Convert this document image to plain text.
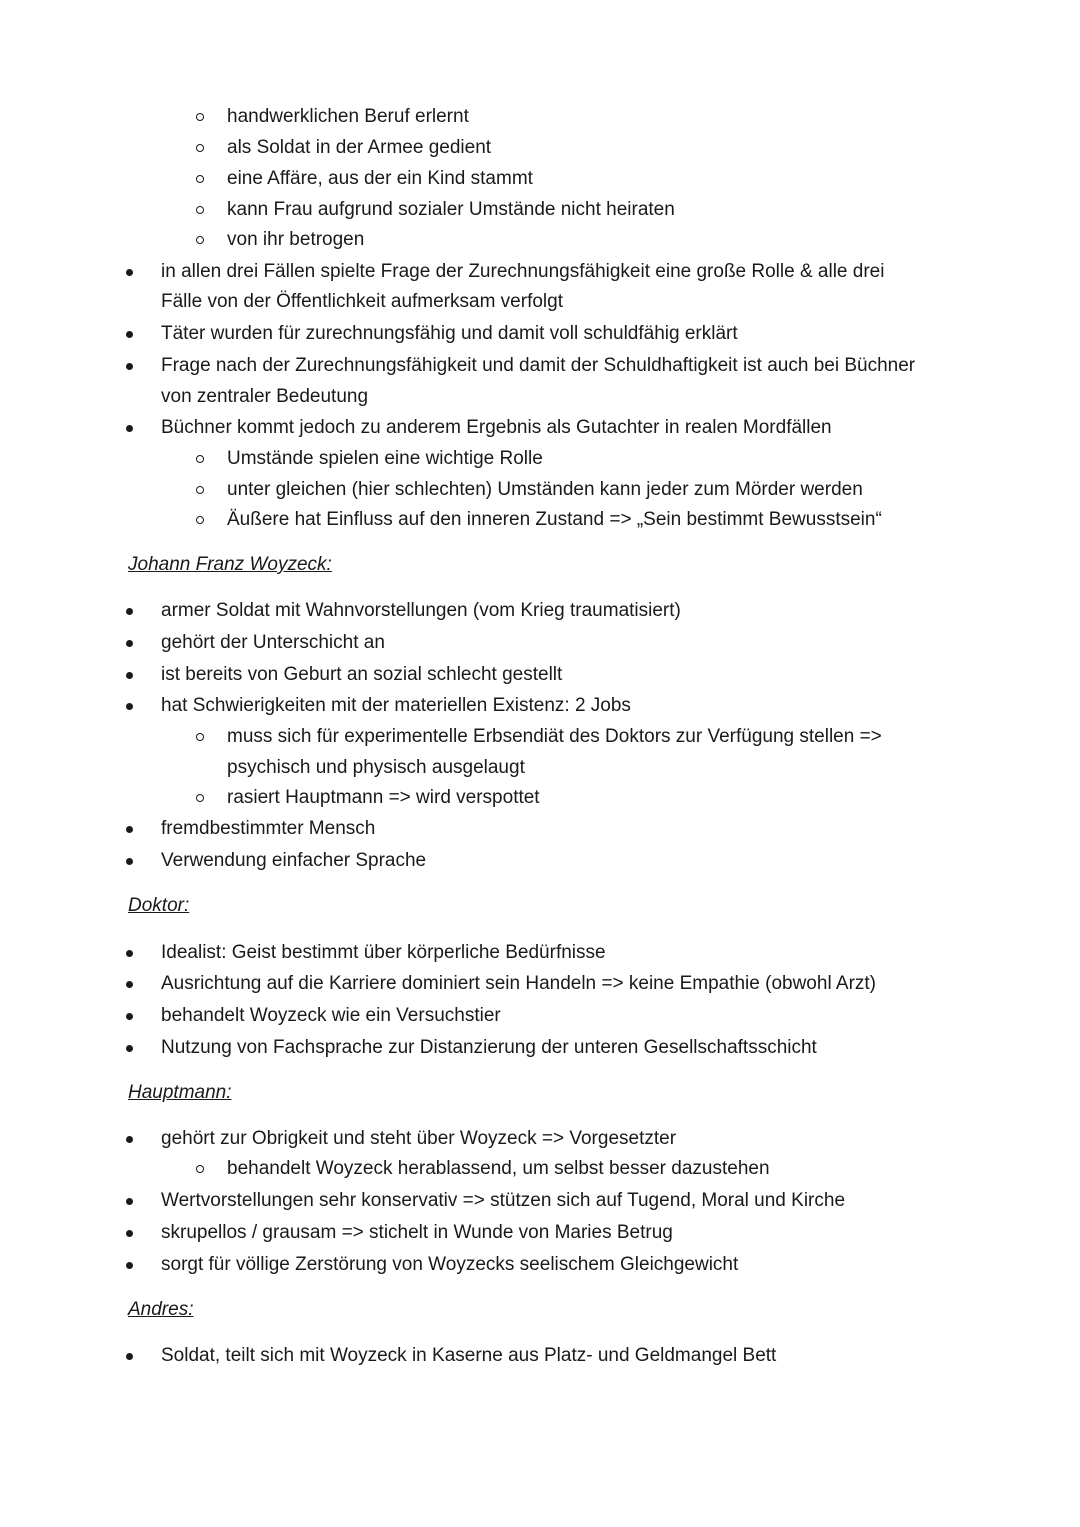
handwerklichen Beruf erlernt
als Soldat in der Armee gedient
eine Affäre, aus der ein Kind stammt
kann Frau aufgrund sozialer Umstände nicht heiraten
von ihr betrogen
in allen drei Fällen spielte Frage der Zurechnungsfähigkeit eine große Rolle & alle drei
Fälle von der Öffentlichkeit aufmerksam verfolgt
Täter wurden für zurechnungsfähig und damit voll schuldfähig erklärt
Frage nach der Zurechnungsfähigkeit und damit der Schuldhaftigkeit ist auch bei Büchner
von zentraler Bedeutung
Büchner kommt jedoch zu anderem Ergebnis als Gutachter in realen Mordfällen
Umstände spielen eine wichtige Rolle
unter gleichen (hier schlechten) Umständen kann jeder zum Mörder werden
Äußere hat Einfluss auf den inneren Zustand => „Sein bestimmt Bewusstsein“
Johann Franz Woyzeck:
armer Soldat mit Wahnvorstellungen (vom Krieg traumatisiert)
gehört der Unterschicht an
ist bereits von Geburt an sozial schlecht gestellt
hat Schwierigkeiten mit der materiellen Existenz: 2 Jobs
muss sich für experimentelle Erbsendiät des Doktors zur Verfügung stellen =>
psychisch und physisch ausgelaugt
rasiert Hauptmann => wird verspottet
fremdbestimmter Mensch
Verwendung einfacher Sprache
Doktor:
Idealist: Geist bestimmt über körperliche Bedürfnisse
Ausrichtung auf die Karriere dominiert sein Handeln => keine Empathie (obwohl Arzt)
behandelt Woyzeck wie ein Versuchstier
Nutzung von Fachsprache zur Distanzierung der unteren Gesellschaftsschicht
Hauptmann:
gehört zur Obrigkeit und steht über Woyzeck => Vorgesetzter
behandelt Woyzeck herablassend, um selbst besser dazustehen
Wertvorstellungen sehr konservativ => stützen sich auf Tugend, Moral und Kirche
skrupellos / grausam => stichelt in Wunde von Maries Betrug
sorgt für völlige Zerstörung von Woyzecks seelischem Gleichgewicht
Andres:
Soldat, teilt sich mit Woyzeck in Kaserne aus Platz- und Geldmangel Bett
